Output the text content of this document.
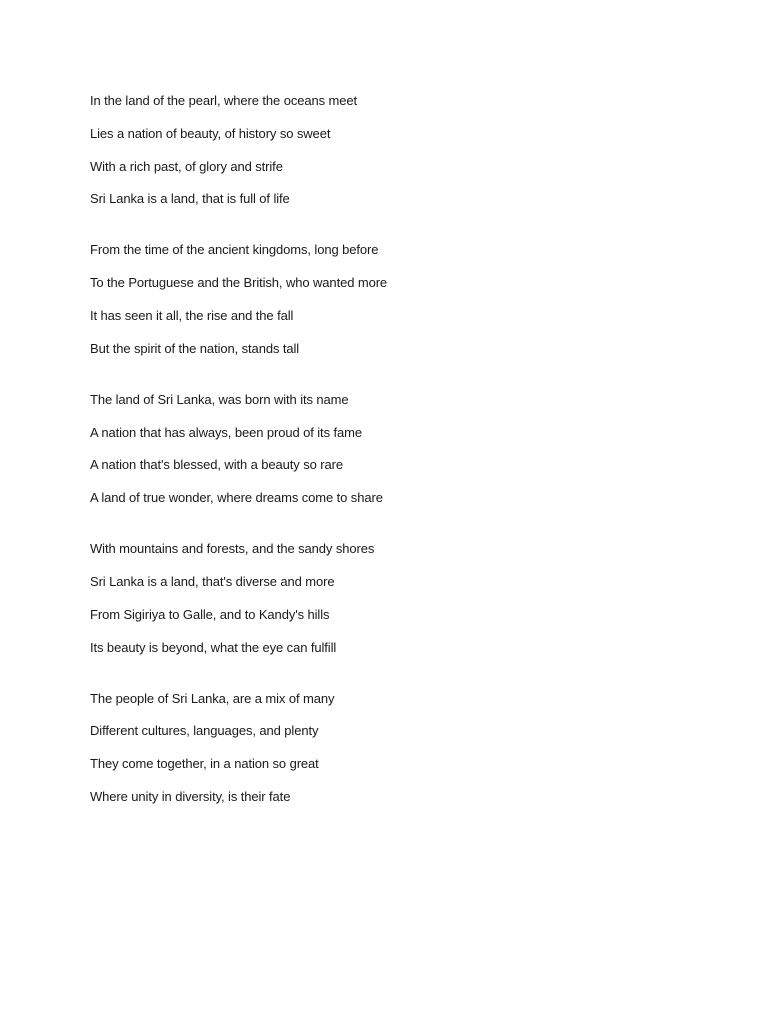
In the land of the pearl, where the oceans meet
Lies a nation of beauty, of history so sweet
With a rich past, of glory and strife
Sri Lanka is a land, that is full of life
From the time of the ancient kingdoms, long before
To the Portuguese and the British, who wanted more
It has seen it all, the rise and the fall
But the spirit of the nation, stands tall
The land of Sri Lanka, was born with its name
A nation that has always, been proud of its fame
A nation that's blessed, with a beauty so rare
A land of true wonder, where dreams come to share
With mountains and forests, and the sandy shores
Sri Lanka is a land, that's diverse and more
From Sigiriya to Galle, and to Kandy's hills
Its beauty is beyond, what the eye can fulfill
The people of Sri Lanka, are a mix of many
Different cultures, languages, and plenty
They come together, in a nation so great
Where unity in diversity, is their fate
